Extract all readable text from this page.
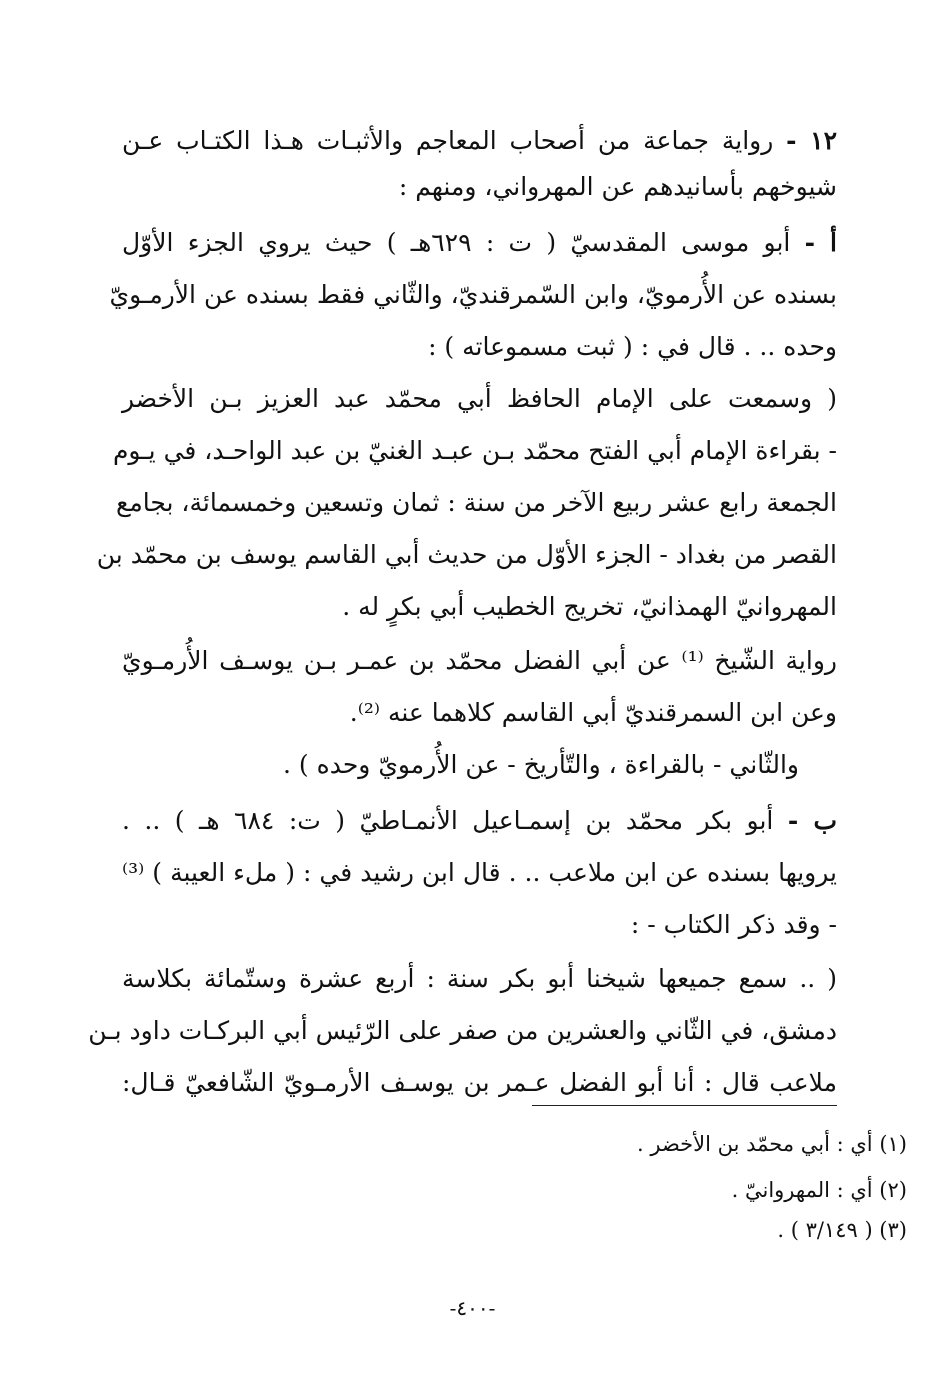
١٢ - رواية جماعة من أصحاب المعاجم والأثبـات هـذا الكتـاب عـن
شيوخهم بأسانيدهم عن المهرواني، ومنهم :
أ - أبو موسى المقدسيّ ( ت : ٦٢٩هـ ) حيث يروي الجزء الأوّل
بسنده عن الأُرمويّ، وابن السّمرقنديّ، والثّاني فقط بسنده عن الأرمـويّ
وحده .. . قال في : ( ثبت مسموعاته ) :
( وسمعت على الإمام الحافظ أبي محمّد عبد العزيز بـن الأخضر
- بقراءة الإمام أبي الفتح محمّد بـن عبـد الغنيّ بن عبد الواحـد، في يـوم
الجمعة رابع عشر ربيع الآخر من سنة : ثمان وتسعين وخمسمائة، بجامع
القصر من بغداد - الجزء الأوّل من حديث أبي القاسم يوسف بن محمّد بن
المهروانيّ الهمذانيّ، تخريج الخطيب أبي بكرٍ له .
رواية الشّيخ ⁽¹⁾ عن أبي الفضل محمّد بن عمـر بـن يوسـف الأُرمـويّ
وعن ابن السمرقنديّ أبي القاسم كلاهما عنه ⁽²⁾.
والثّاني - بالقراءة ، والتّأريخ - عن الأُرمويّ وحده ) .
ب - أبو بكر محمّد بن إسمـاعيل الأنمـاطيّ ( ت: ٦٨٤ هـ ) .. .
يرويها بسنده عن ابن ملاعب .. . قال ابن رشيد في : ( ملء العيبة ) ⁽³⁾
- وقد ذكر الكتاب - :
( .. سمع جميعها شيخنا أبو بكر سنة : أربع عشرة وستّمائة بكلاسة
دمشق، في الثّاني والعشرين من صفر على الرّئيس أبي البركـات داود بـن
ملاعب قال : أنا أبو الفضل عـمر بن يوسـف الأرمـويّ الشّافعيّ قـال:
(١) أي : أبي محمّد بن الأخضر .
(٢) أي : المهروانيّ .
(٣) ( ٣/١٤٩ ) .
-٤٠٠-
